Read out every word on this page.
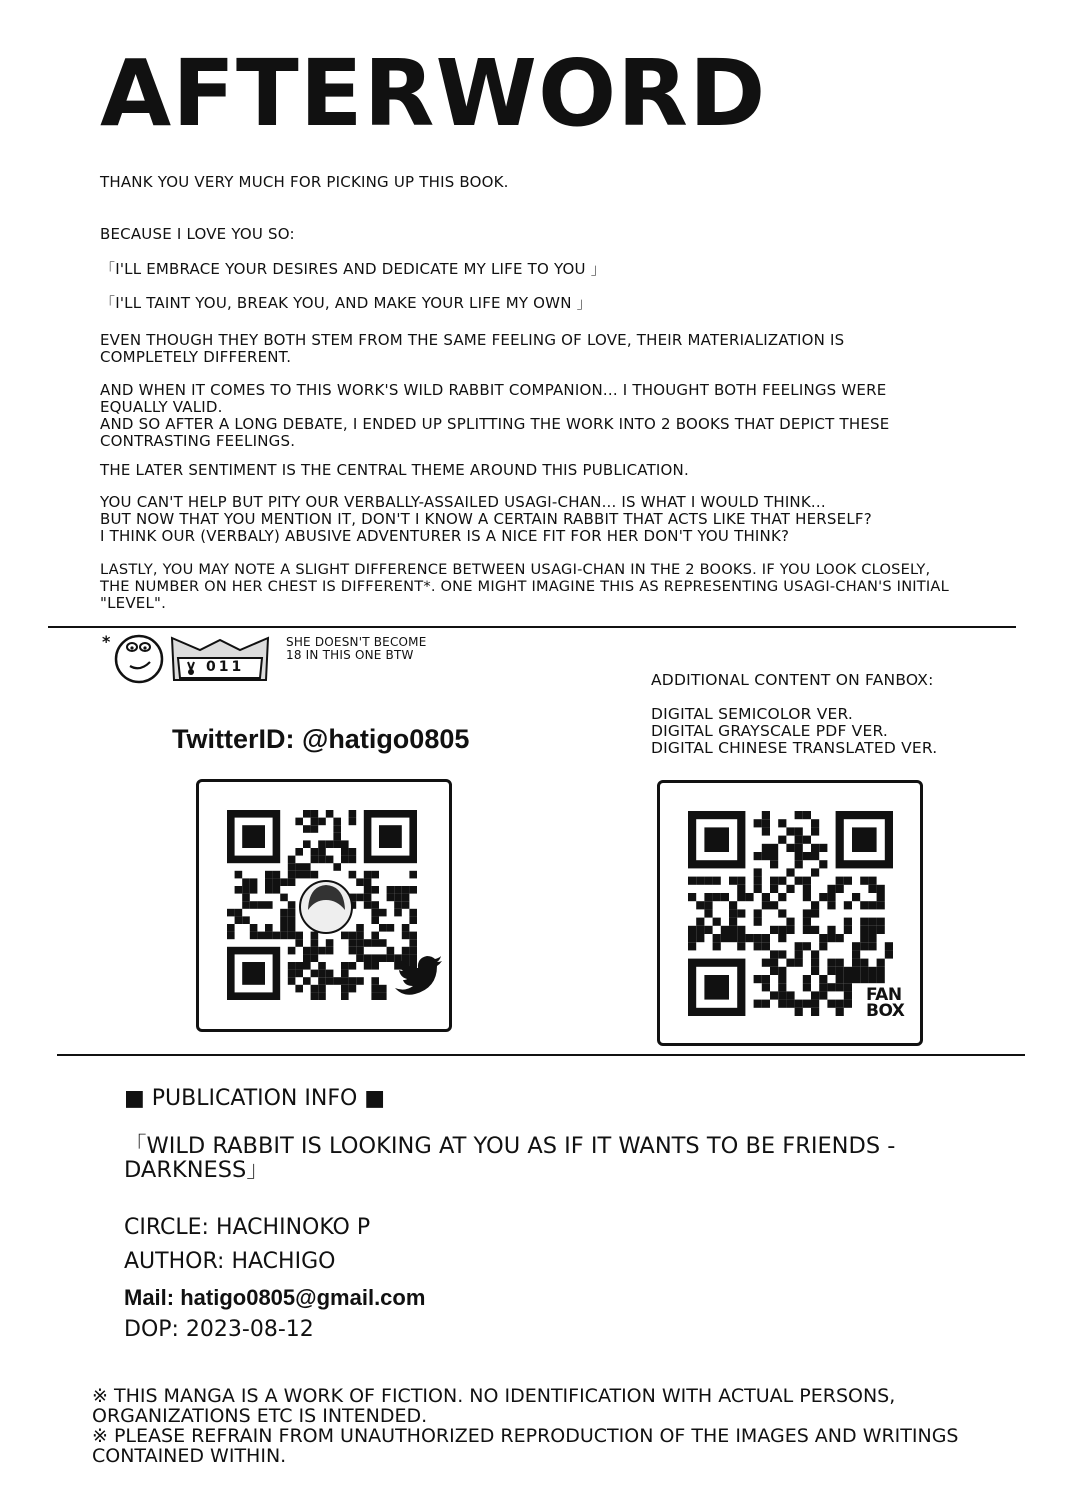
AFTERWORD

THANK YOU VERY MUCH FOR PICKING UP THIS BOOK.

BECAUSE I LOVE YOU SO:

「I'LL EMBRACE YOUR DESIRES AND DEDICATE MY LIFE TO YOU 」

「I'LL TAINT YOU, BREAK YOU, AND MAKE YOUR LIFE MY OWN 」

EVEN THOUGH THEY BOTH STEM FROM THE SAME FEELING OF LOVE, THEIR MATERIALIZATION IS

COMPLETELY DIFFERENT.

AND WHEN IT COMES TO THIS WORK'S WILD RABBIT COMPANION... I THOUGHT BOTH FEELINGS WERE

EQUALLY VALID.

AND SO AFTER A LONG DEBATE, I ENDED UP SPLITTING THE WORK INTO 2 BOOKS THAT DEPICT THESE

CONTRASTING FEELINGS.

THE LATER SENTIMENT IS THE CENTRAL THEME AROUND THIS PUBLICATION.

YOU CAN'T HELP BUT PITY OUR VERBALLY-ASSAILED USAGI-CHAN... IS WHAT I WOULD THINK...

BUT NOW THAT YOU MENTION IT, DON'T I KNOW A CERTAIN RABBIT THAT ACTS LIKE THAT HERSELF?

I THINK OUR (VERBALY) ABUSIVE ADVENTURER IS A NICE FIT FOR HER DON'T YOU THINK?

LASTLY, YOU MAY NOTE A SLIGHT DIFFERENCE BETWEEN USAGI-CHAN IN THE 2 BOOKS. IF YOU LOOK CLOSELY,

THE NUMBER ON HER CHEST IS DIFFERENT*. ONE MIGHT IMAGINE THIS AS REPRESENTING USAGI-CHAN'S INITIAL

"LEVEL".

*
011

SHE DOESN'T BECOME

18 IN THIS ONE BTW

ADDITIONAL CONTENT ON FANBOX:

DIGITAL SEMICOLOR VER.

DIGITAL GRAYSCALE PDF VER.

DIGITAL CHINESE TRANSLATED VER.

TwitterID: @hatigo0805
FAN
BOX
■ PUBLICATION INFO ■
「WILD RABBIT IS LOOKING AT YOU AS IF IT WANTS TO BE FRIENDS -
DARKNESS」
CIRCLE: HACHINOKO P
AUTHOR: HACHIGO
Mail: hatigo0805@gmail.com
DOP: 2023-08-12
※ THIS MANGA IS A WORK OF FICTION. NO IDENTIFICATION WITH ACTUAL PERSONS,
ORGANIZATIONS ETC IS INTENDED.
※ PLEASE REFRAIN FROM UNAUTHORIZED REPRODUCTION OF THE IMAGES AND WRITINGS
CONTAINED WITHIN.
